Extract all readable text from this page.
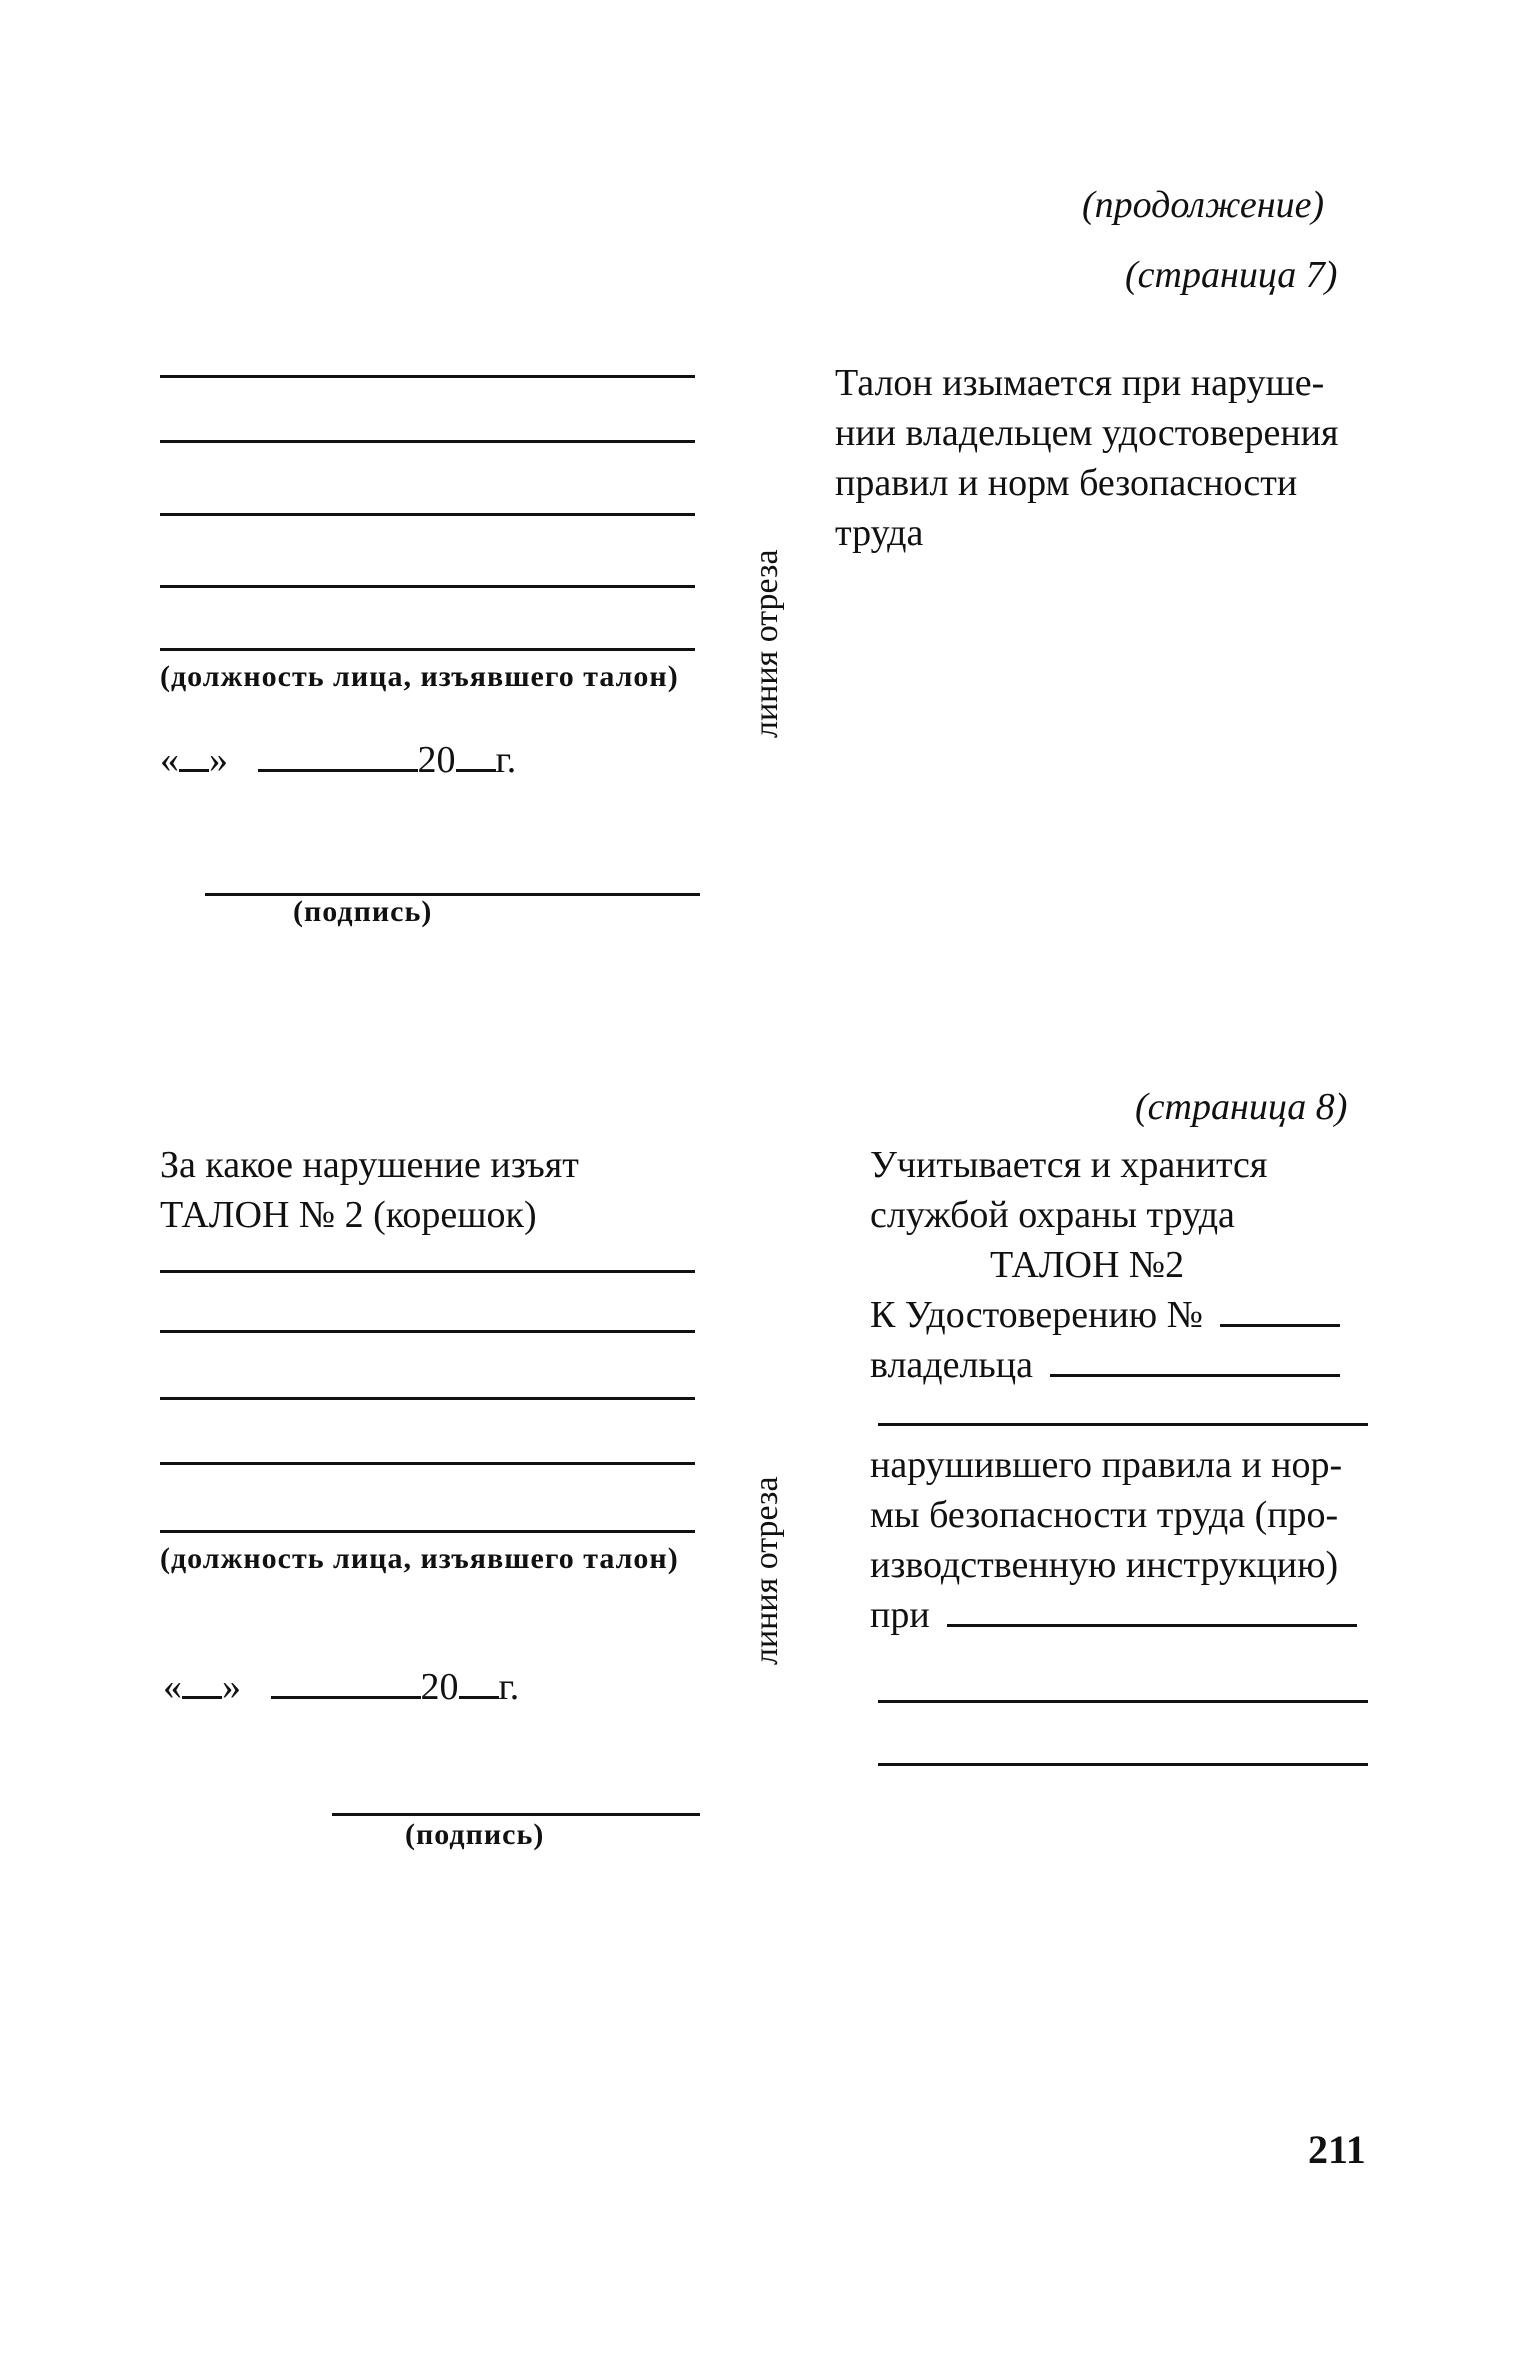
(продолжение)
(страница 7)
(должность лица, изъявшего талон)
« »	20 г.
(подпись)
линия отреза
Талон изымается при наруше-
нии владельцем удостоверения
правил и норм безопасности
труда
(страница 8)
За какое нарушение изъят
ТАЛОН № 2 (корешок)
(должность лица, изъявшего талон)
« »	20 г.
(подпись)
линия отреза
Учитывается и хранится
службой охраны труда
ТАЛОН №2
К Удостоверению №
владельца
нарушившего правила и нор-
мы безопасности труда (про-
изводственную инструкцию)
при
211
